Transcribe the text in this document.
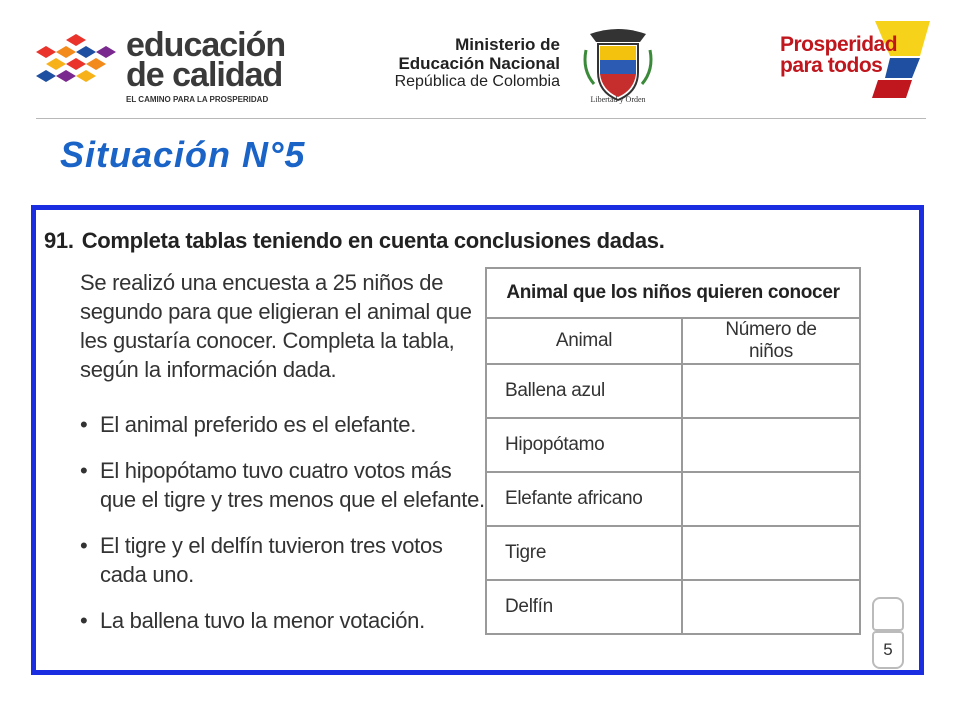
educación
de calidad
EL CAMINO PARA LA PROSPERIDAD
Ministerio de
Educación Nacional
República de Colombia
Libertad y Orden
Prosperidad
para todos
Situación N°5
91. Completa tablas teniendo en cuenta conclusiones dadas.
Se realizó una encuesta a 25 niños de segundo para que eligieran el animal que les gustaría conocer. Completa la tabla, según la información dada.
• El animal preferido es el elefante.
• El hipopótamo tuvo cuatro votos más que el tigre y tres menos que el elefante.
• El tigre y el delfín tuvieron tres votos cada uno.
• La ballena tuvo la menor votación.
Animal que los niños quieren conocer	
Animal	Número de niños
Ballena azul	
Hipopótamo	
Elefante africano	
Tigre	
Delfín	
5
